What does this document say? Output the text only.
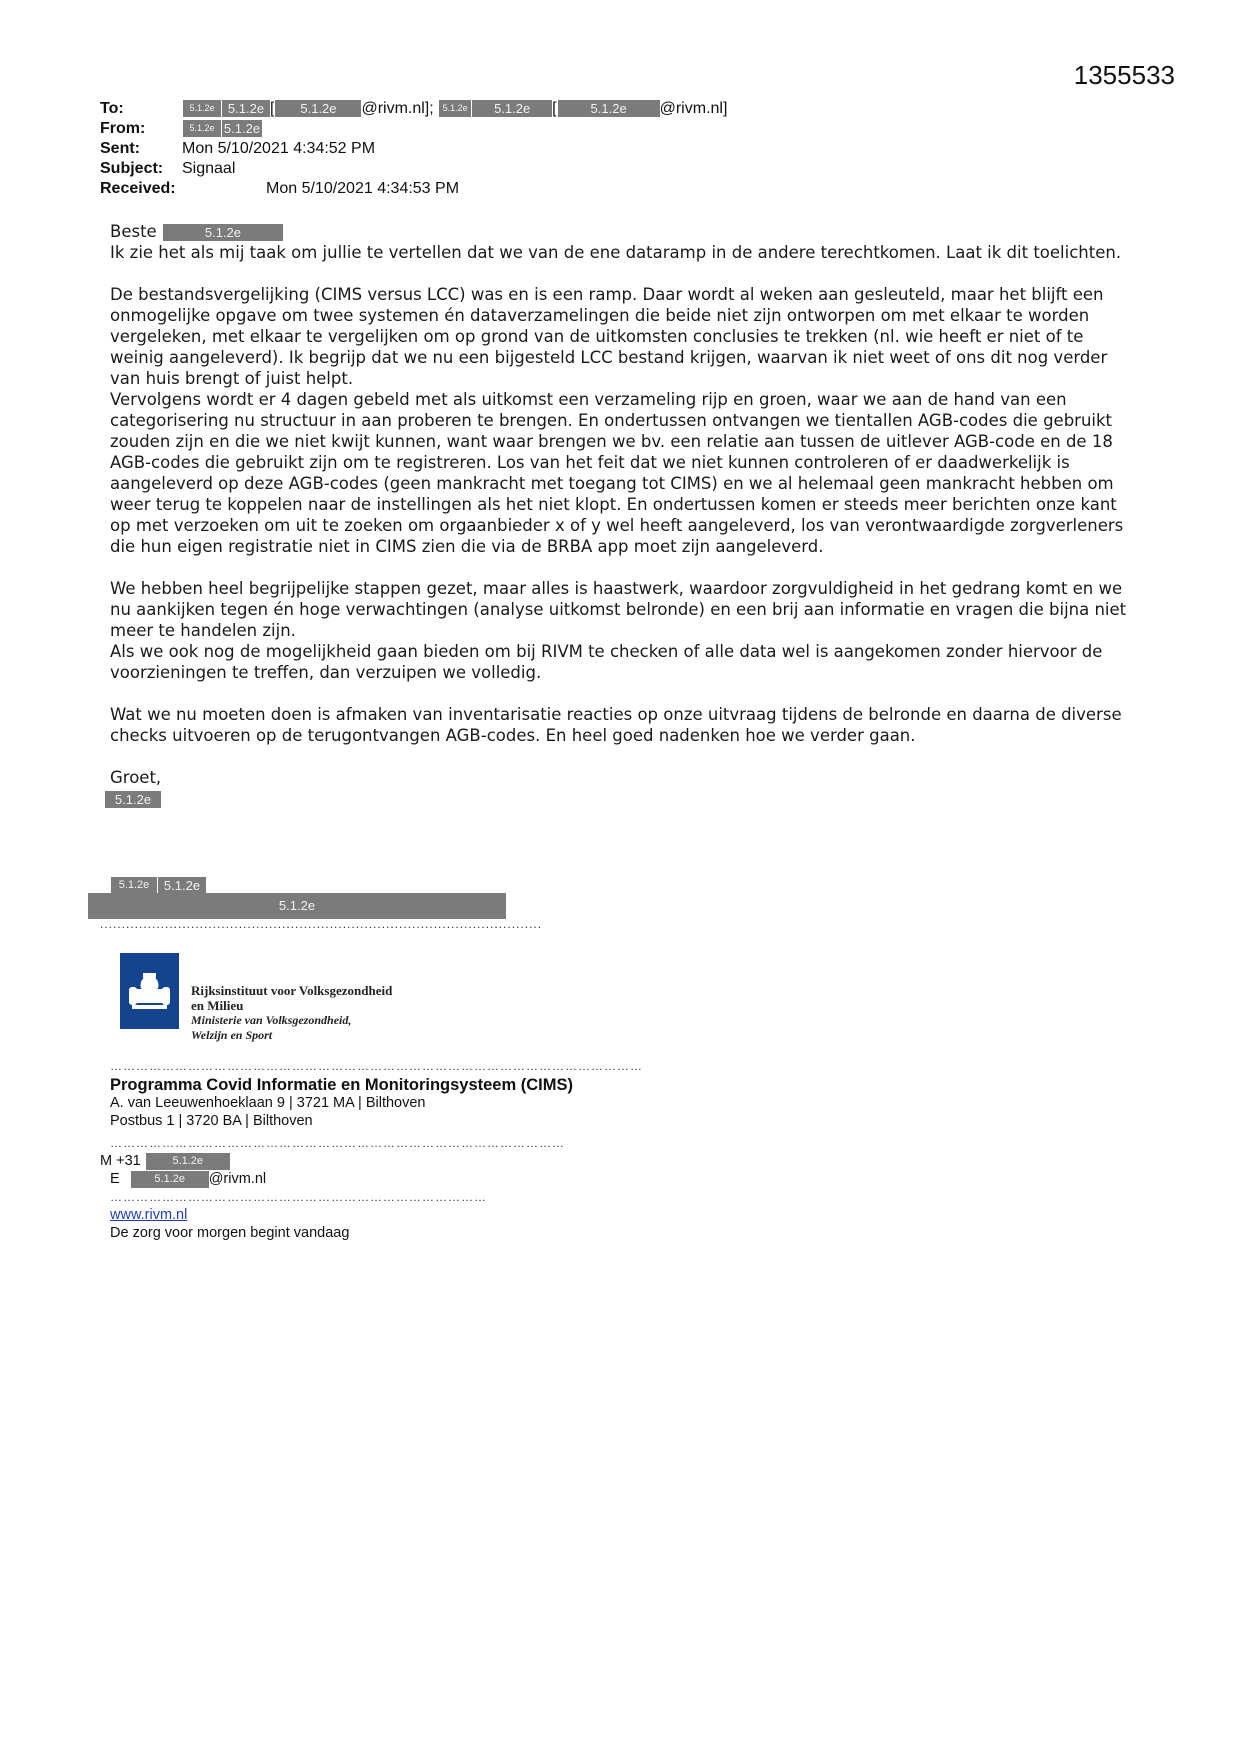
1355533
To:	5.1.2e 5.1.2e [ 5.1.2e @rivm.nl]; 5.1.2e 5.1.2e [	5.1.2e @rivm.nl]
From:	5.1.2e 5.1.2e
Sent:	Mon 5/10/2021 4:34:52 PM
Subject: Signaal
Received:	Mon 5/10/2021 4:34:53 PM

Beste	5.1.2e

Ik zie het als mij taak om jullie te vertellen dat we van de ene dataramp in de andere terechtkomen. Laat ik dit toelichten.

De bestandsvergelijking (CIMS versus LCC) was en is een ramp. Daar wordt al weken aan gesleuteld, maar het blijft een onmogelijke opgave om twee systemen én dataverzamelingen die beide niet zijn ontworpen om met elkaar te worden vergeleken, met elkaar te vergelijken om op grond van de uitkomsten conclusies te trekken (nl. wie heeft er niet of te weinig aangeleverd). Ik begrijp dat we nu een bijgesteld LCC bestand krijgen, waarvan ik niet weet of ons dit nog verder van huis brengt of juist helpt.

Vervolgens wordt er 4 dagen gebeld met als uitkomst een verzameling rijp en groen, waar we aan de hand van een categorisering nu structuur in aan proberen te brengen. En ondertussen ontvangen we tientallen AGB-codes die gebruikt zouden zijn en die we niet kwijt kunnen, want waar brengen we bv. een relatie aan tussen de uitlever AGB-code en de 18 AGB-codes die gebruikt zijn om te registreren. Los van het feit dat we niet kunnen controleren of er daadwerkelijk is aangeleverd op deze AGB-codes (geen mankracht met toegang tot CIMS) en we al helemaal geen mankracht hebben om weer terug te koppelen naar de instellingen als het niet klopt. En ondertussen komen er steeds meer berichten onze kant op met verzoeken om uit te zoeken om orgaanbieder x of y wel heeft aangeleverd, los van verontwaardigde zorgverleners die hun eigen registratie niet in CIMS zien die via de BRBA app moet zijn aangeleverd.

We hebben heel begrijpelijke stappen gezet, maar alles is haastwerk, waardoor zorgvuldigheid in het gedrang komt en we nu aankijken tegen én hoge verwachtingen (analyse uitkomst belronde) en een brij aan informatie en vragen die bijna niet meer te handelen zijn.

Als we ook nog de mogelijkheid gaan bieden om bij RIVM te checken of alle data wel is aangekomen zonder hiervoor de voorzieningen te treffen, dan verzuipen we volledig.

Wat we nu moeten doen is afmaken van inventarisatie reacties op onze uitvraag tijdens de belronde en daarna de diverse checks uitvoeren op de terugontvangen AGB-codes. En heel goed nadenken hoe we verder gaan.

Groet,

5.1.2e

5.1.2e 5.1.2e
5.1.2e
......................................................................................................
Rijksinstituut voor Volksgezondheid
en Milieu
Ministerie van Volksgezondheid,
Welzijn en Sport
……………………………………………………………………………………………………………
Programma Covid Informatie en Monitoringsysteem (CIMS)
A. van Leeuwenhoeklaan 9 | 3721 MA | Bilthoven
Postbus 1 | 3720 BA | Bilthoven
……………………………………………………………………………………………
M +31	5.1.2e
E	5.1.2e @rivm.nl
……………………………………………………………………………
www.rivm.nl
De zorg voor morgen begint vandaag
